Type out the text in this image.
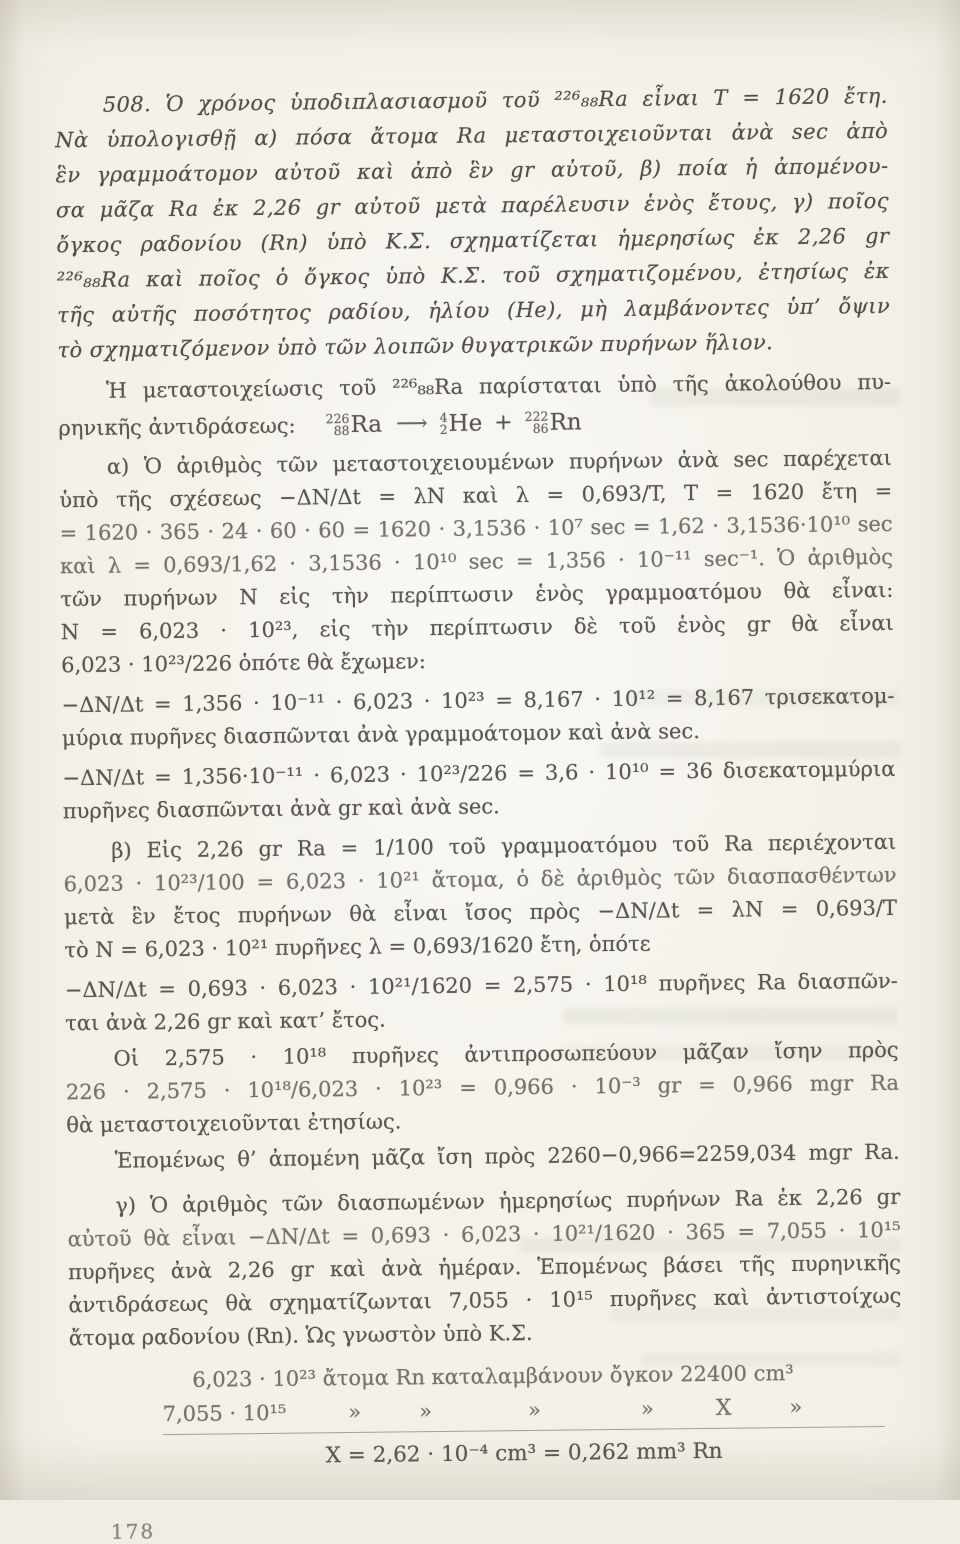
508. Ὁ χρόνος ὑποδιπλασιασμοῦ τοῦ ²²⁶₈₈Ra εἶναι T = 1620 ἔτη.
Νὰ ὑπολογισθῇ α) πόσα ἄτομα Ra μεταστοιχειοῦνται ἀνὰ sec ἀπὸ
ἓν γραμμοάτομον αὐτοῦ καὶ ἀπὸ ἓν gr αὐτοῦ, β) ποία ἡ ἀπομένου-
σα μᾶζα Ra ἐκ 2,26 gr αὐτοῦ μετὰ παρέλευσιν ἑνὸς ἔτους, γ) ποῖος
ὄγκος ραδονίου (Rn) ὑπὸ Κ.Σ. σχηματίζεται ἡμερησίως ἐκ 2,26 gr
²²⁶₈₈Ra καὶ ποῖος ὁ ὄγκος ὑπὸ Κ.Σ. τοῦ σχηματιζομένου, ἐτησίως ἐκ
τῆς αὐτῆς ποσότητος ραδίου, ἡλίου (He), μὴ λαμβάνοντες ὑπ’ ὄψιν
τὸ σχηματιζόμενον ὑπὸ τῶν λοιπῶν θυγατρικῶν πυρήνων ἥλιον.
Ἡ μεταστοιχείωσις τοῦ ²²⁶₈₈Ra παρίσταται ὑπὸ τῆς ἀκολούθου πυ-
ρηνικῆς ἀντιδράσεως: 226
88 Ra ⟶ 4
2 He + 222
86 Rn
α) Ὁ ἀριθμὸς τῶν μεταστοιχειουμένων πυρήνων ἀνὰ sec παρέχεται
ὑπὸ τῆς σχέσεως −ΔΝ/Δt = λΝ καὶ λ = 0,693/T, T = 1620 ἔτη =
= 1620 · 365 · 24 · 60 · 60 = 1620 · 3,1536 · 10⁷ sec = 1,62 · 3,1536·10¹⁰ sec
καὶ λ = 0,693/1,62 · 3,1536 · 10¹⁰ sec = 1,356 · 10⁻¹¹ sec⁻¹. Ὁ ἀριθμὸς
τῶν πυρήνων Ν εἰς τὴν περίπτωσιν ἑνὸς γραμμοατόμου θὰ εἶναι:
Ν = 6,023 · 10²³, εἰς τὴν περίπτωσιν δὲ τοῦ ἑνὸς gr θὰ εἶναι
6,023 · 10²³/226 ὁπότε θὰ ἔχωμεν:
−ΔΝ/Δt = 1,356 · 10⁻¹¹ · 6,023 · 10²³ = 8,167 · 10¹² = 8,167 τρισεκατομ-
μύρια πυρῆνες διασπῶνται ἀνὰ γραμμοάτομον καὶ ἀνὰ sec.
−ΔΝ/Δt = 1,356·10⁻¹¹ · 6,023 · 10²³/226 = 3,6 · 10¹⁰ = 36 δισεκατομμύρια
πυρῆνες διασπῶνται ἀνὰ gr καὶ ἀνὰ sec.
β) Εἰς 2,26 gr Ra = 1/100 τοῦ γραμμοατόμου τοῦ Ra περιέχονται
6,023 · 10²³/100 = 6,023 · 10²¹ ἄτομα, ὁ δὲ ἀριθμὸς τῶν διασπασθέντων
μετὰ ἓν ἔτος πυρήνων θὰ εἶναι ἴσος πρὸς −ΔΝ/Δt = λΝ = 0,693/T
τὸ Ν = 6,023 · 10²¹ πυρῆνες λ = 0,693/1620 ἔτη, ὁπότε
−ΔΝ/Δt = 0,693 · 6,023 · 10²¹/1620 = 2,575 · 10¹⁸ πυρῆνες Ra διασπῶν-
ται ἀνὰ 2,26 gr καὶ κατ’ ἔτος.
Οἱ 2,575 · 10¹⁸ πυρῆνες ἀντιπροσωπεύουν μᾶζαν ἴσην πρὸς
226 · 2,575 · 10¹⁸/6,023 · 10²³ = 0,966 · 10⁻³ gr = 0,966 mgr Ra
θὰ μεταστοιχειοῦνται ἐτησίως.
Ἑπομένως θ’ ἀπομένη μᾶζα ἴση πρὸς 2260−0,966=2259,034 mgr Ra.
γ) Ὁ ἀριθμὸς τῶν διασπωμένων ἡμερησίως πυρήνων Ra ἐκ 2,26 gr
αὐτοῦ θὰ εἶναι −ΔΝ/Δt = 0,693 · 6,023 · 10²¹/1620 · 365 = 7,055 · 10¹⁵
πυρῆνες ἀνὰ 2,26 gr καὶ ἀνὰ ἡμέραν. Ἑπομένως βάσει τῆς πυρηνικῆς
ἀντιδράσεως θὰ σχηματίζωνται 7,055 · 10¹⁵ πυρῆνες καὶ ἀντιστοίχως
ἄτομα ραδονίου (Rn). Ὡς γνωστὸν ὑπὸ Κ.Σ.
6,023 · 10²³ ἄτομα Rn καταλαμβάνουν ὄγκον 22400 cm³
7,055 · 10¹⁵	»	»	»	»	X	»
X = 2,62 · 10⁻⁴ cm³ = 0,262 mm³ Rn
178
